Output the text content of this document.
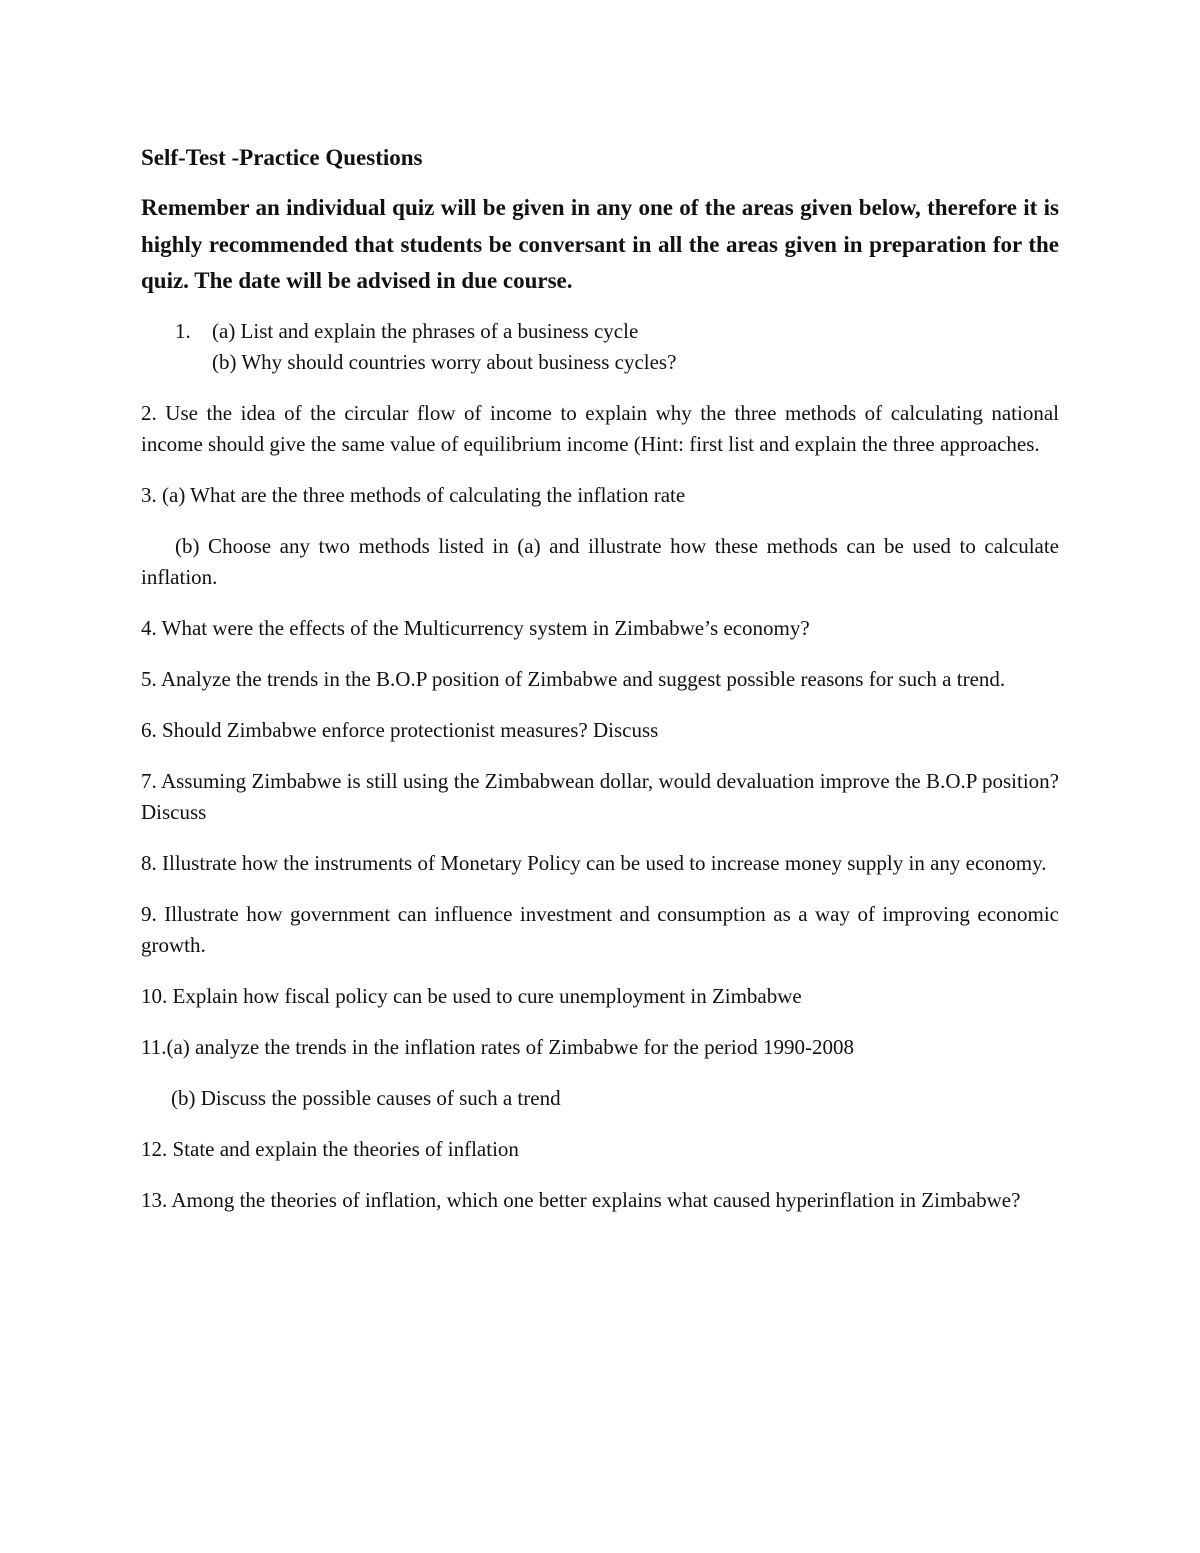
Self-Test -Practice Questions
Remember an individual quiz will be given in any one of the areas given below, therefore it is highly recommended that students be conversant in all the areas given in preparation for the quiz. The date will be advised in due course.
1.	(a) List and explain the phrases of a business cycle
(b) Why should countries worry about business cycles?
2. Use the idea of the circular flow of income to explain why the three methods of calculating national income should give the same value of equilibrium income (Hint: first list and explain the three approaches.
3. (a) What are the three methods of calculating the inflation rate
(b) Choose any two methods listed in (a) and illustrate how these methods can be used to calculate inflation.
4. What were the effects of the Multicurrency system in Zimbabwe’s economy?
5. Analyze the trends in the B.O.P position of Zimbabwe and suggest possible reasons for such a trend.
6. Should Zimbabwe enforce protectionist measures? Discuss
7. Assuming Zimbabwe is still using the Zimbabwean dollar, would devaluation improve the B.O.P position? Discuss
8. Illustrate how the instruments of Monetary Policy can be used to increase money supply in any economy.
9. Illustrate how government can influence investment and consumption as a way of improving economic growth.
10. Explain how fiscal policy can be used to cure unemployment in Zimbabwe
11.(a) analyze the trends in the inflation rates of Zimbabwe for the period 1990-2008
(b) Discuss the possible causes of such a trend
12. State and explain the theories of inflation
13. Among the theories of inflation, which one better explains what caused hyperinflation in Zimbabwe?
